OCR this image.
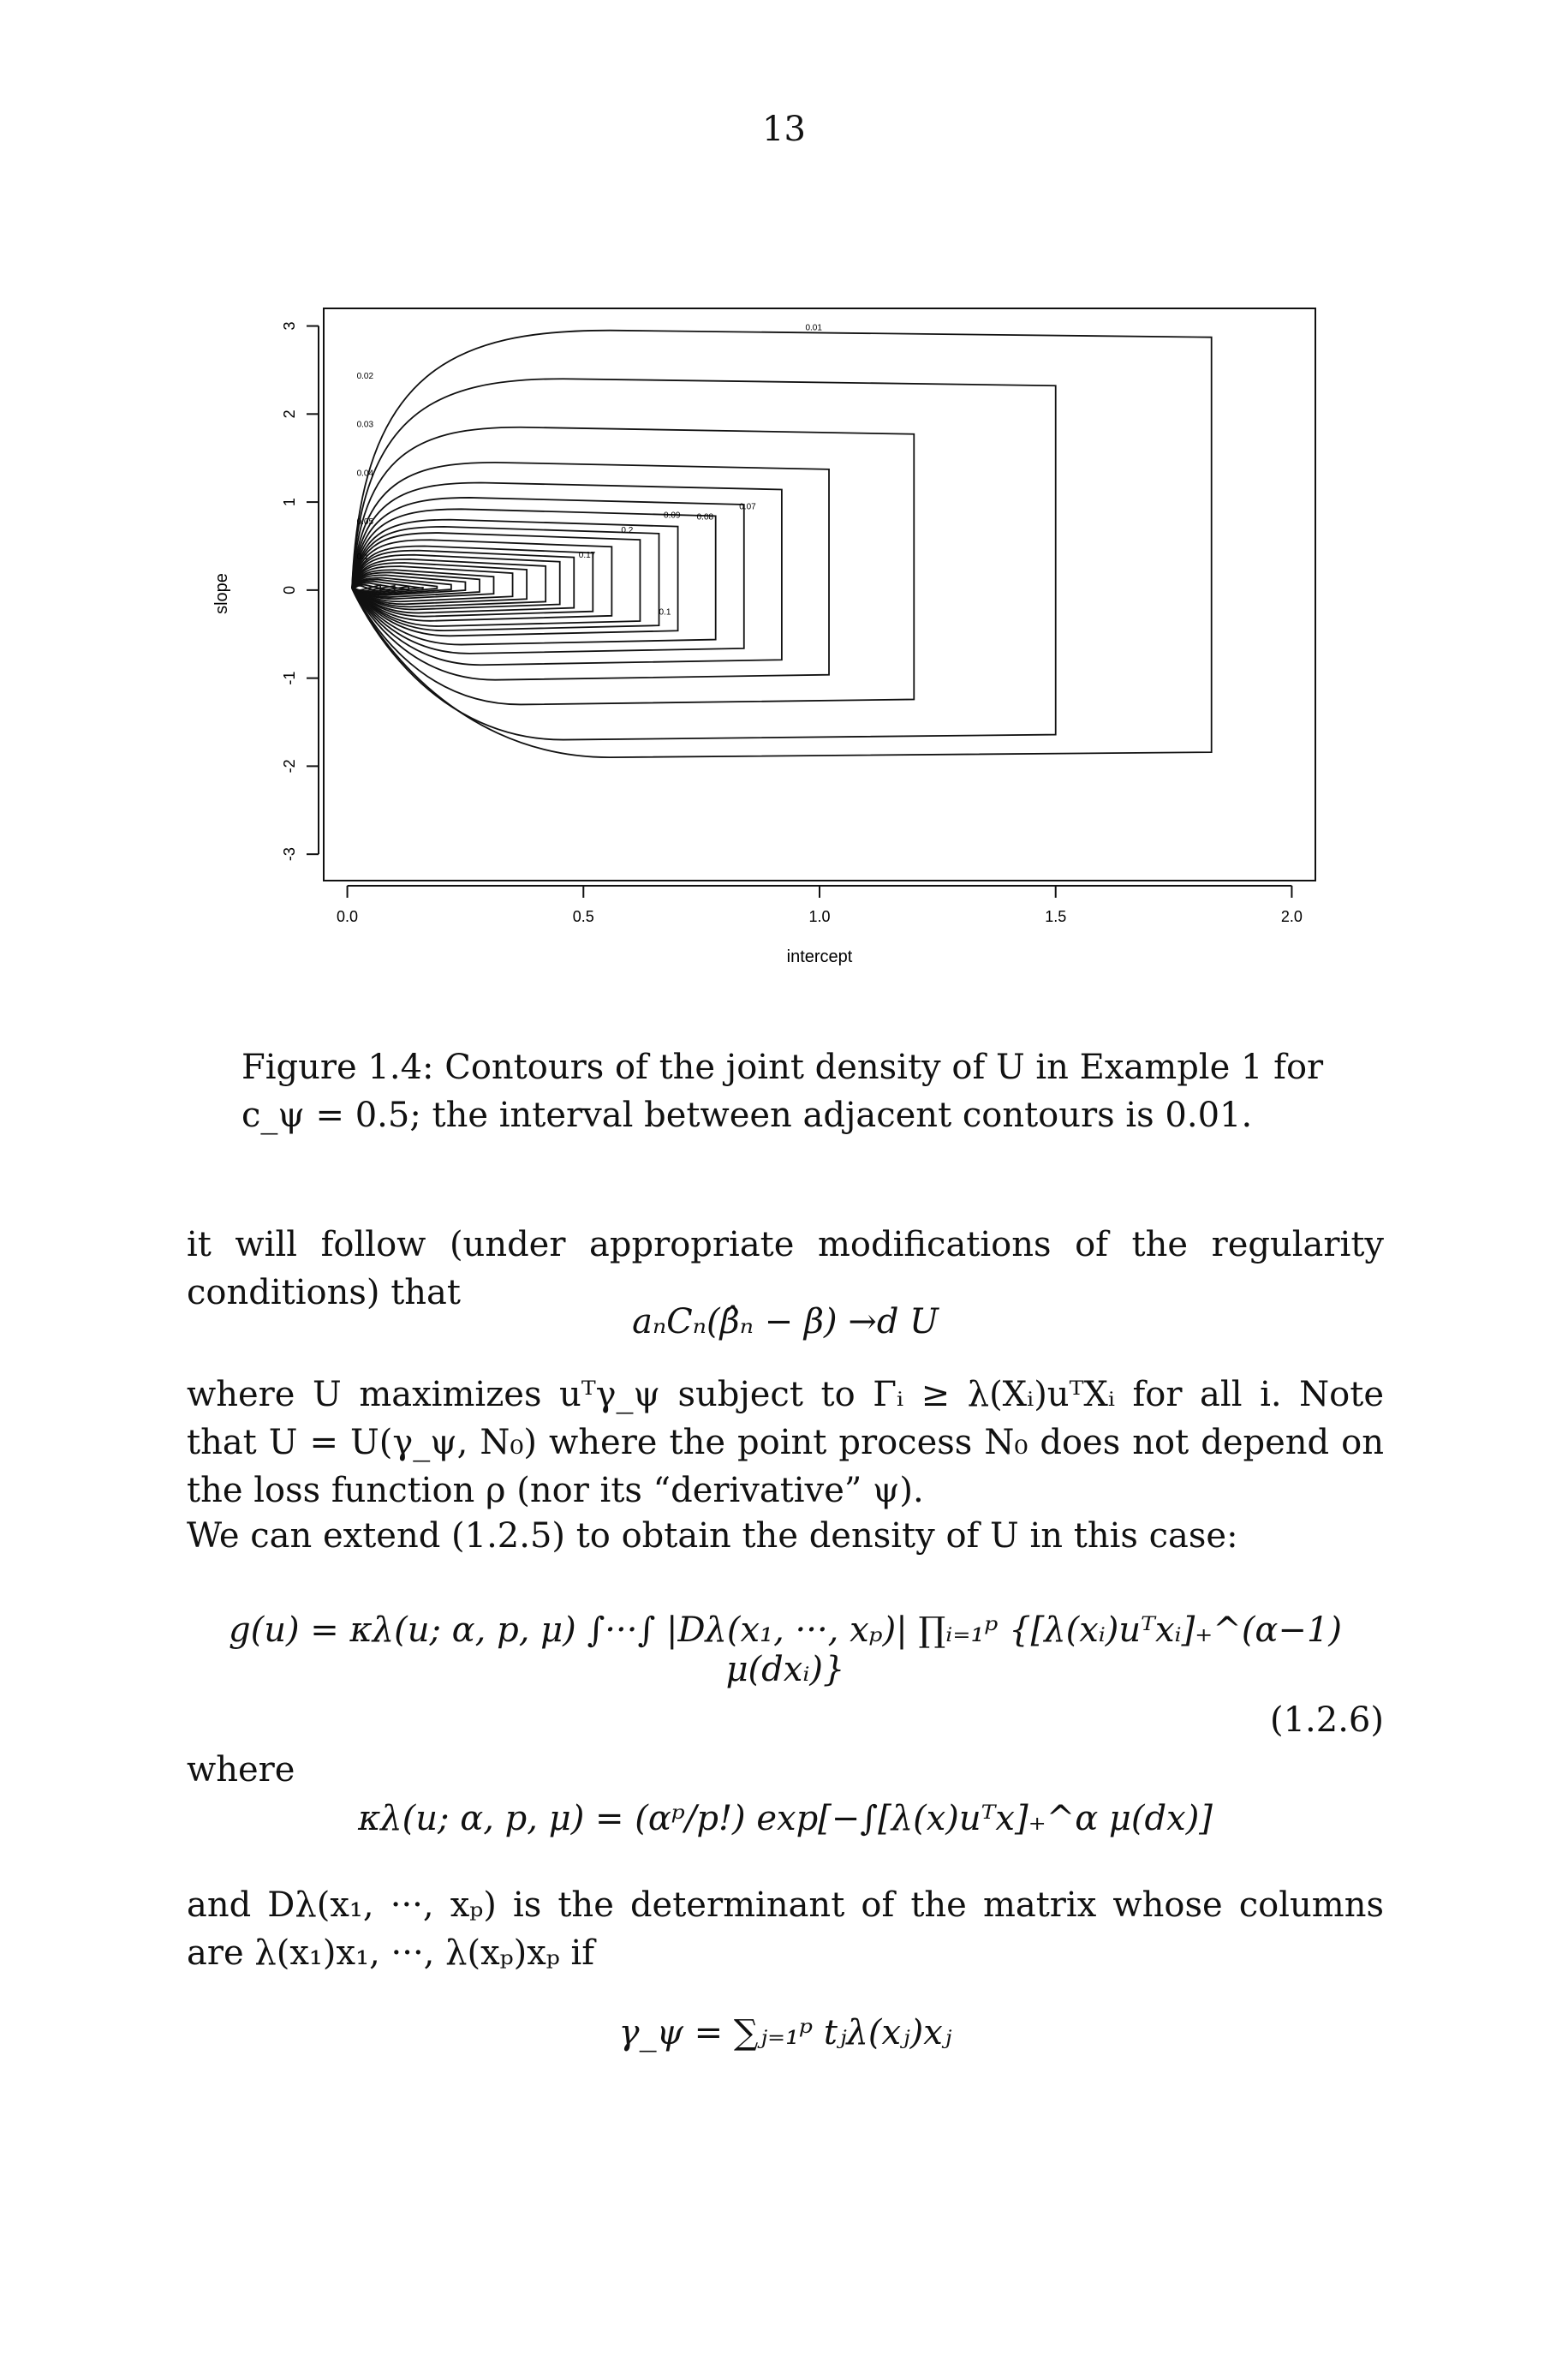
13
0.01
0.02
0.03
0.04
0.05
0.1
0.1
0.07
0.08
0.09
0.17
0.2
0.0	0.5	1.0	1.5	2.0
-3
-2
-1
0
1
2
3
intercept
slope
Figure 1.4: Contours of the joint density of U in Example 1 for c_ψ = 0.5; the interval between adjacent contours is 0.01.
it will follow (under appropriate modifications of the regularity conditions) that
aₙCₙ(β̂ₙ − β) →d U
where U maximizes uᵀγ_ψ subject to Γᵢ ≥ λ(Xᵢ)uᵀXᵢ for all i. Note that U = U(γ_ψ, N₀) where the point process N₀ does not depend on the loss function ρ (nor its “derivative” ψ).
We can extend (1.2.5) to obtain the density of U in this case:
g(u) = κλ(u; α, p, μ) ∫···∫ |Dλ(x₁, ···, xₚ)| ∏ᵢ₌₁ᵖ {[λ(xᵢ)uᵀxᵢ]₊^(α−1) μ(dxᵢ)}
(1.2.6)
where
κλ(u; α, p, μ) = (αᵖ/p!) exp[−∫[λ(x)uᵀx]₊^α μ(dx)]
and Dλ(x₁, ···, xₚ) is the determinant of the matrix whose columns are λ(x₁)x₁, ···, λ(xₚ)xₚ if
γ_ψ = ∑ⱼ₌₁ᵖ tⱼλ(xⱼ)xⱼ
